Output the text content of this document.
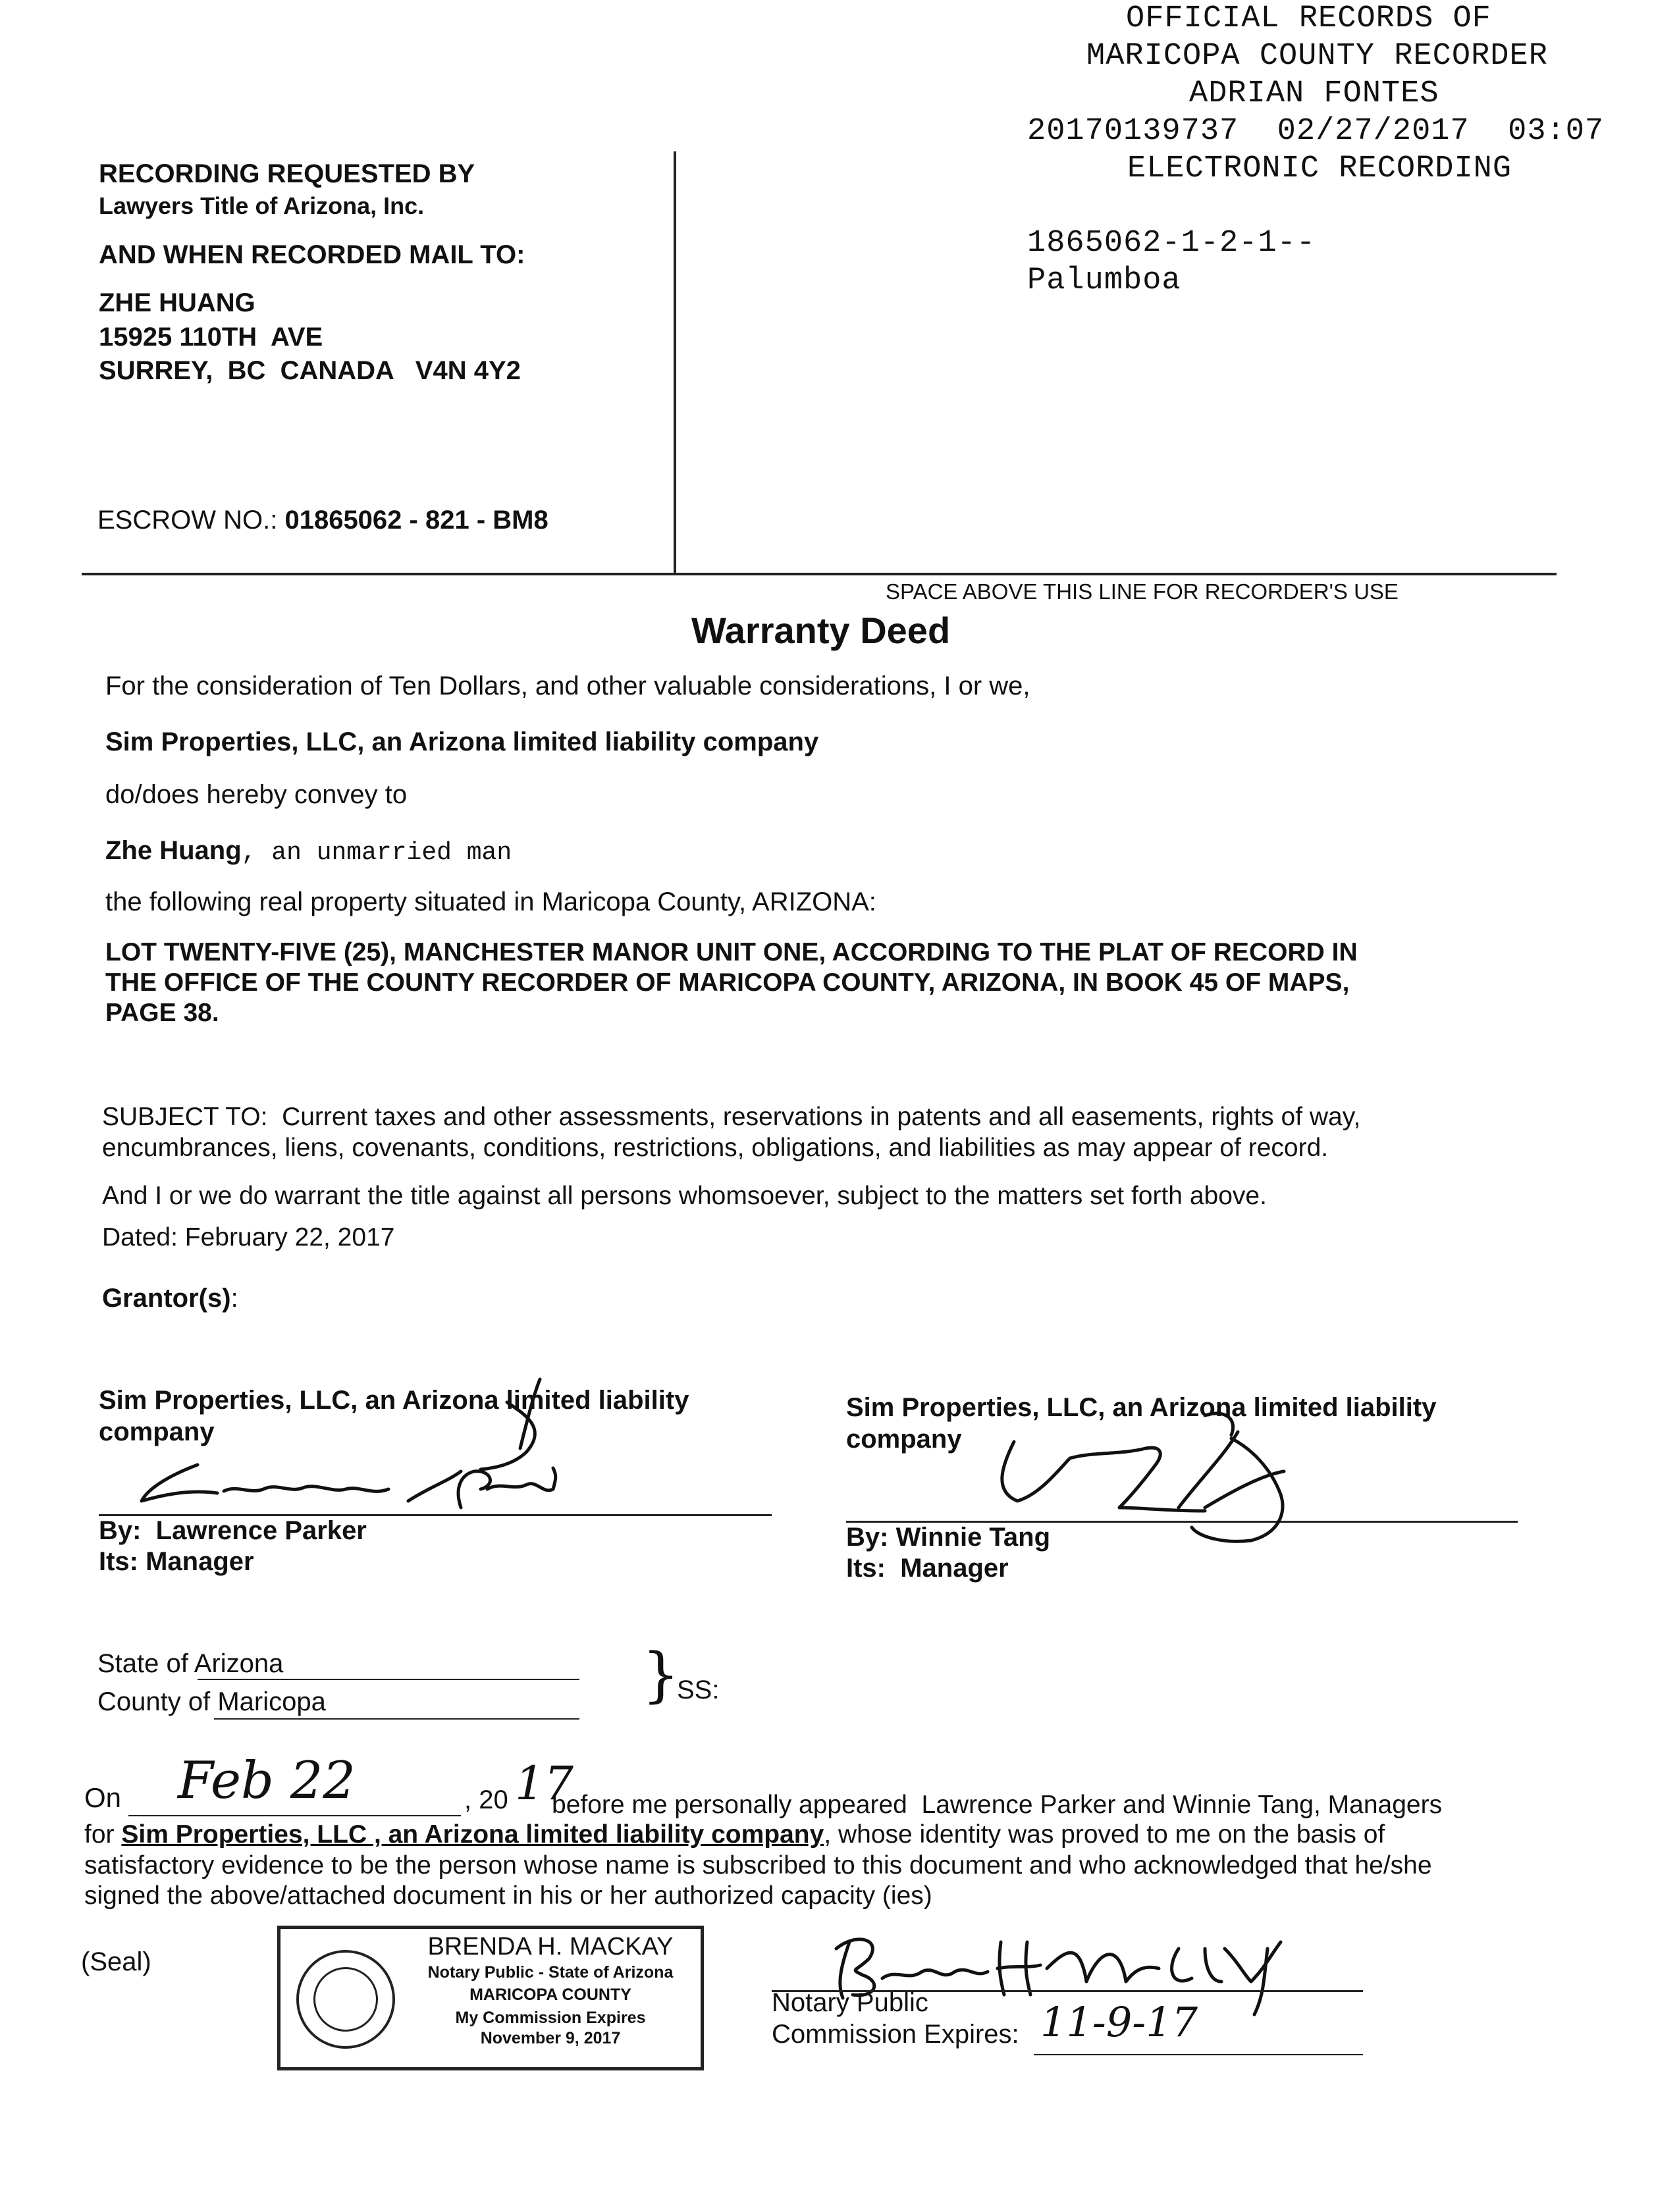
OFFICIAL RECORDS OF
MARICOPA COUNTY RECORDER
ADRIAN FONTES
20170139737  02/27/2017  03:07
ELECTRONIC RECORDING
1865062-1-2-1--
Palumboa
RECORDING REQUESTED BY
Lawyers Title of Arizona, Inc.
AND WHEN RECORDED MAIL TO:
ZHE HUANG
15925 110TH  AVE
SURREY,  BC  CANADA   V4N 4Y2
ESCROW NO.: 01865062 - 821 - BM8
SPACE ABOVE THIS LINE FOR RECORDER'S USE
Warranty Deed
For the consideration of Ten Dollars, and other valuable considerations, I or we,
Sim Properties, LLC, an Arizona limited liability company
do/does hereby convey to
Zhe Huang, an unmarried man
the following real property situated in Maricopa County, ARIZONA:
LOT TWENTY-FIVE (25), MANCHESTER MANOR UNIT ONE, ACCORDING TO THE PLAT OF RECORD IN
THE OFFICE OF THE COUNTY RECORDER OF MARICOPA COUNTY, ARIZONA, IN BOOK 45 OF MAPS,
PAGE 38.
SUBJECT TO:  Current taxes and other assessments, reservations in patents and all easements, rights of way,
encumbrances, liens, covenants, conditions, restrictions, obligations, and liabilities as may appear of record.
And I or we do warrant the title against all persons whomsoever, subject to the matters set forth above.
Dated: February 22, 2017
Grantor(s):
Sim Properties, LLC, an Arizona limited liability
company
By:  Lawrence Parker
Its: Manager
Sim Properties, LLC, an Arizona limited liability
company
By: Winnie Tang
Its:  Manager
State of Arizona
County of Maricopa	}
SS:
On Feb 22	, 20 17
before me personally appeared  Lawrence Parker and Winnie Tang, Managers
for Sim Properties, LLC , an Arizona limited liability company, whose identity was proved to me on the basis of
satisfactory evidence to be the person whose name is subscribed to this document and who acknowledged that he/she
signed the above/attached document in his or her authorized capacity (ies)
(Seal)
BRENDA H. MACKAY
Notary Public - State of Arizona
MARICOPA COUNTY
My Commission Expires
November 9, 2017
Notary Public
Commission Expires: 11-9-17
